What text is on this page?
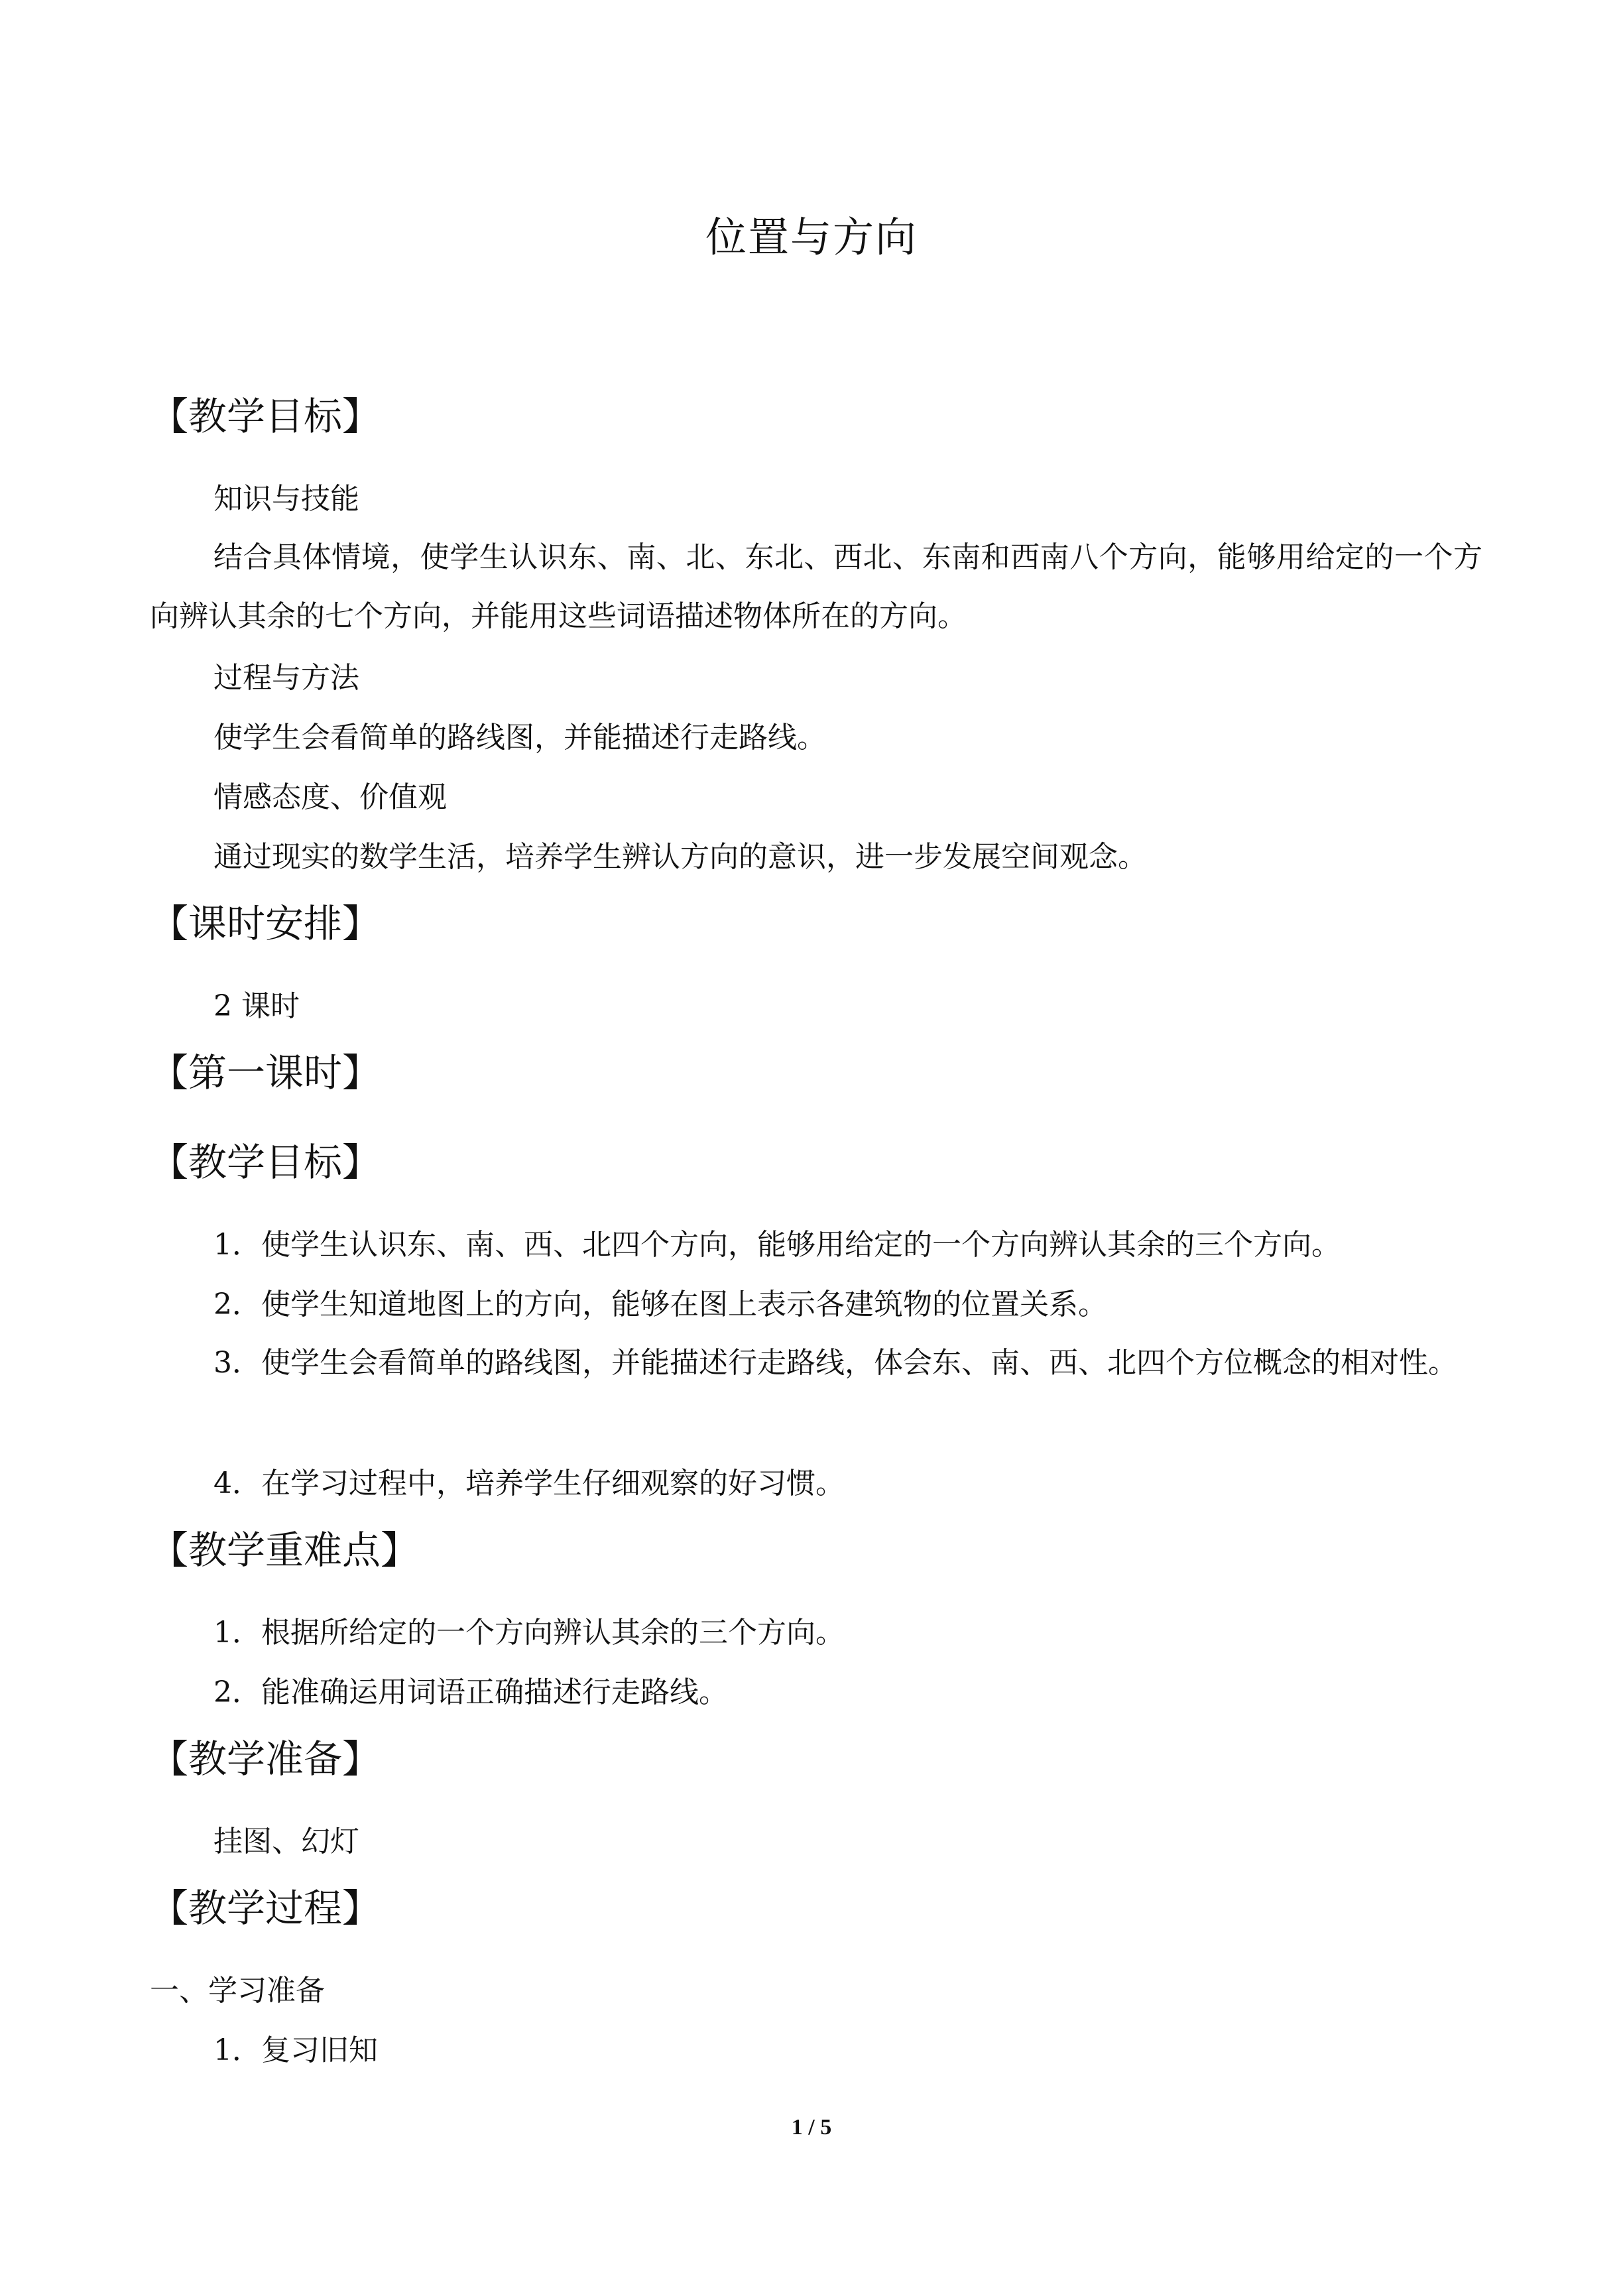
位置与方向
【教学目标】
知识与技能
结合具体情境，使学生认识东、南、北、东北、西北、东南和西南八个方向，能够用给定的一个方向辨认其余的七个方向，并能用这些词语描述物体所在的方向。
过程与方法
使学生会看简单的路线图，并能描述行走路线。
情感态度、价值观
通过现实的数学生活，培养学生辨认方向的意识，进一步发展空间观念。
【课时安排】
2 课时
【第一课时】
【教学目标】
1．使学生认识东、南、西、北四个方向，能够用给定的一个方向辨认其余的三个方向。
2．使学生知道地图上的方向，能够在图上表示各建筑物的位置关系。
3．使学生会看简单的路线图，并能描述行走路线，体会东、南、西、北四个方位概念的相对性。
4．在学习过程中，培养学生仔细观察的好习惯。
【教学重难点】
1．根据所给定的一个方向辨认其余的三个方向。
2．能准确运用词语正确描述行走路线。
【教学准备】
挂图、幻灯
【教学过程】
一、学习准备
1．复习旧知
1 / 5
